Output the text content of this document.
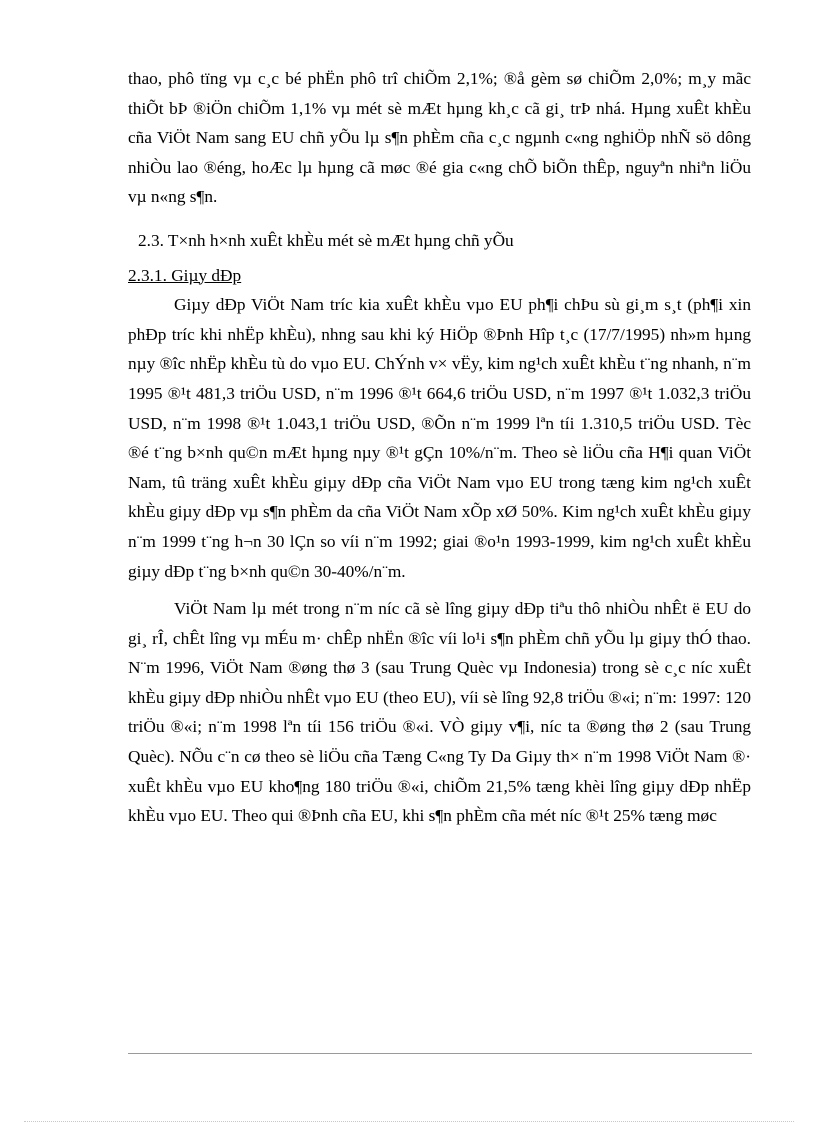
thao, phô tïng vµ c¸c bé phËn phô trî chiÕm 2,1%; ®å gèm sø chiÕm 2,0%; m¸y mãc thiÕt bÞ ®iÖn chiÕm 1,1% vµ mét sè mÆt hµng kh¸c cã gi¸ trÞ nhá. Hµng xuÊt khÈu cña ViÖt Nam sang EU chñ yÕu lµ s¶n phÈm cña c¸c ngµnh c«ng nghiÖp nhÑ sö dông nhiÒu lao ®éng, hoÆc lµ hµng cã møc ®é gia c«ng chÕ biÕn thÊp, nguyªn nhiªn liÖu vµ n«ng s¶n.

2.3. T×nh h×nh xuÊt khÈu mét sè mÆt hµng chñ yÕu

2.3.1. Giµy dÐp

Giµy dÐp ViÖt Nam tríc kia xuÊt khÈu vµo EU ph¶i chÞu sù gi¸m s¸t (ph¶i xin phÐp tríc khi nhËp khÈu), nhng sau khi ký HiÖp ®Þnh Hîp t¸c (17/7/1995) nh»m hµng nµy ®îc nhËp khÈu tù do vµo EU. ChÝnh v× vËy, kim ng¹ch xuÊt khÈu t¨ng nhanh, n¨m 1995 ®¹t 481,3 triÖu USD, n¨m 1996 ®¹t 664,6 triÖu USD, n¨m 1997 ®¹t 1.032,3 triÖu USD, n¨m 1998 ®¹t 1.043,1 triÖu USD, ®Õn n¨m 1999 lªn tíi 1.310,5 triÖu USD. Tèc ®é t¨ng b×nh qu©n mÆt hµng nµy ®¹t gÇn 10%/n¨m. Theo sè liÖu cña H¶i quan ViÖt Nam, tû träng xuÊt khÈu giµy dÐp cña ViÖt Nam vµo EU trong tæng kim ng¹ch xuÊt khÈu giµy dÐp vµ s¶n phÈm da cña ViÖt Nam xÕp xØ 50%. Kim ng¹ch xuÊt khÈu giµy n¨m 1999 t¨ng h¬n 30 lÇn so víi n¨m 1992; giai ®o¹n 1993-1999, kim ng¹ch xuÊt khÈu giµy dÐp t¨ng b×nh qu©n 30-40%/n¨m.

ViÖt Nam lµ mét trong n¨m níc cã sè lîng giµy dÐp tiªu thô nhiÒu nhÊt ë EU do gi¸ rÎ, chÊt lîng vµ mÉu m· chÊp nhËn ®îc víi lo¹i s¶n phÈm chñ yÕu lµ giµy thÓ thao. N¨m 1996, ViÖt Nam ®øng thø 3 (sau Trung Quèc vµ Indonesia) trong sè c¸c níc xuÊt khÈu giµy dÐp nhiÒu nhÊt vµo EU (theo EU), víi sè lîng 92,8 triÖu ®«i; n¨m: 1997: 120 triÖu ®«i; n¨m 1998 lªn tíi 156 triÖu ®«i. VÒ giµy v¶i, níc ta ®øng thø 2 (sau Trung Quèc). NÕu c¨n cø theo sè liÖu cña Tæng C«ng Ty Da Giµy th× n¨m 1998 ViÖt Nam ®· xuÊt khÈu vµo EU kho¶ng 180 triÖu ®«i, chiÕm 21,5% tæng khèi lîng giµy dÐp nhËp khÈu vµo EU. Theo qui ®Þnh cña EU, khi s¶n phÈm cña mét níc ®¹t 25% tæng møc
